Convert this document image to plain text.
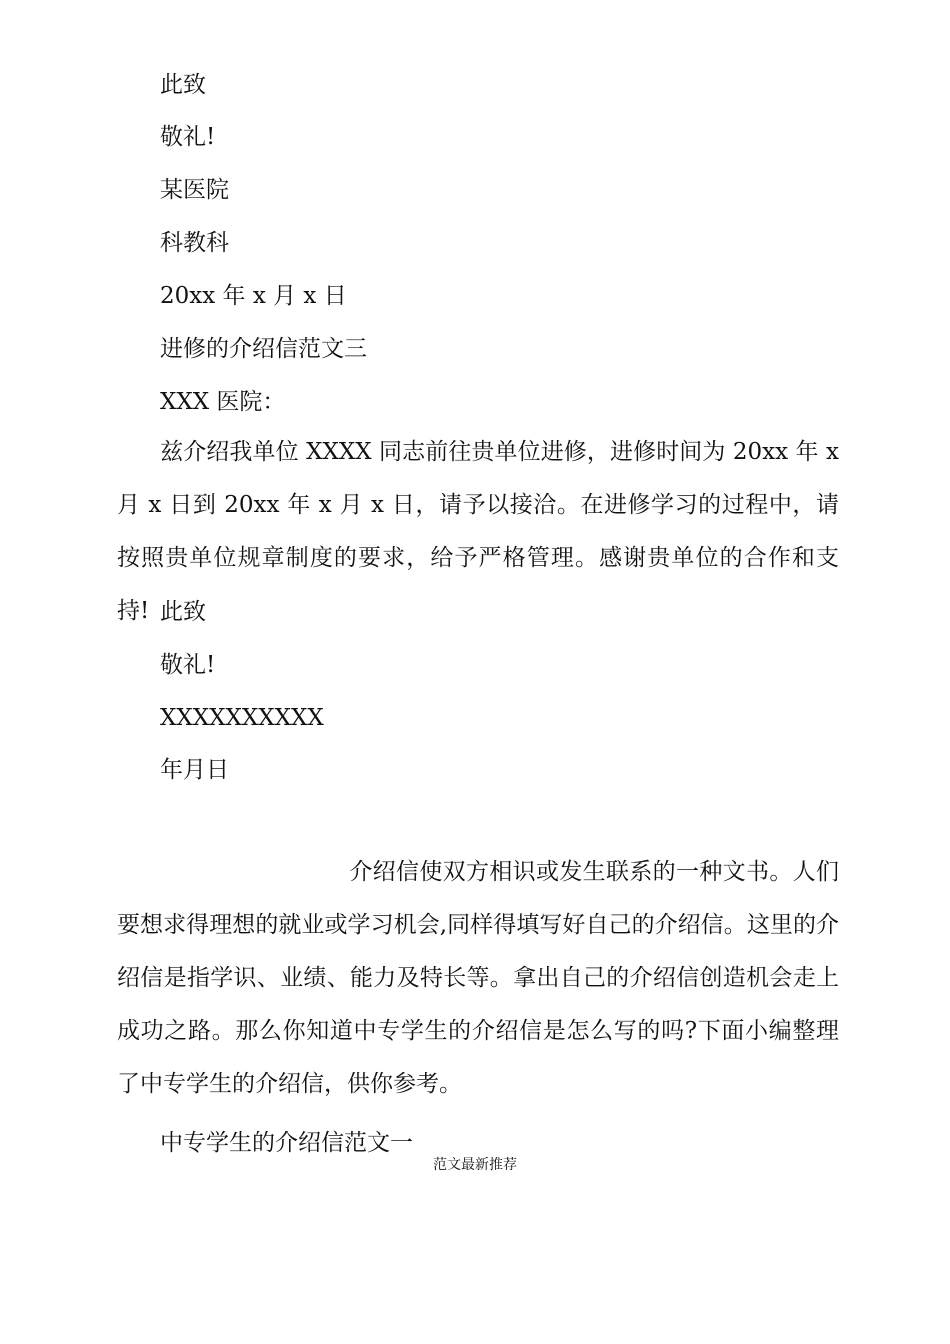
此致
敬礼!
某医院
科教科
20xx 年 x 月 x 日
进修的介绍信范文三
XXX 医院：
兹介绍我单位 XXXX 同志前往贵单位进修，进修时间为 20xx 年 x 月 x 日到 20xx 年 x 月 x 日，请予以接洽。在进修学习的过程中，请按照贵单位规章制度的要求，给予严格管理。感谢贵单位的合作和支持! 此致
敬礼!
XXXXXXXXXX
年月日
介绍信使双方相识或发生联系的一种文书。人们要想求得理想的就业或学习机会,同样得填写好自己的介绍信。这里的介绍信是指学识、业绩、能力及特长等。拿出自己的介绍信创造机会走上成功之路。那么你知道中专学生的介绍信是怎么写的吗?下面小编整理了中专学生的介绍信，供你参考。
中专学生的介绍信范文一
范文最新推荐
